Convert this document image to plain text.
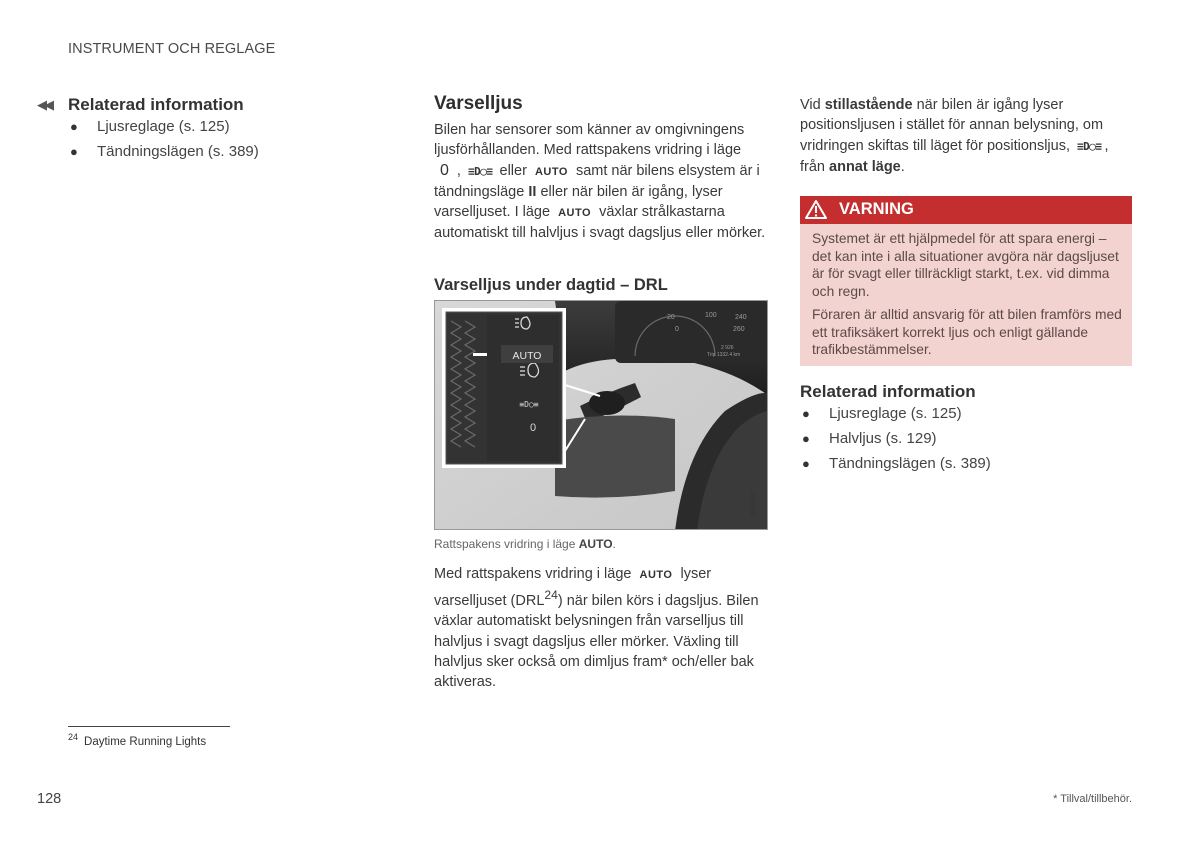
INSTRUMENT OCH REGLAGE
◀◀ Relaterad information
● Ljusreglage (s. 125)
● Tändningslägen (s. 389)
Varselljus

Bilen har sensorer som känner av omgivningens ljusförhållanden. Med rattspakens vridring i läge
0 , ≡D◯≡ eller AUTO samt när bilens elsystem är i tändningsläge II eller när bilen är igång, lyser varselljuset. I läge AUTO växlar strålkastarna automatiskt till halvljus i svagt dagsljus eller mörker.

Varselljus under dagtid – DRL
20	100	240
0	260
2 926
Trip 1332.4 km
AUTO
≡D◯≡
0
G000567
Rattspakens vridring i läge AUTO.

Med rattspakens vridring i läge AUTO lyser varselljuset (DRL$^{24}$) när bilen körs i dagsljus. Bilen växlar automatiskt belysningen från varselljus till halvljus i svagt dagsljus eller mörker. Växling till halvljus sker också om dimljus fram* och/eller bak aktiveras.

Vid stillastående när bilen är igång lyser positionsljusen i stället för annan belysning, om vridringen skiftas till läget för positionsljus, ≡D◯≡ , från annat läge.

VARNING

Systemet är ett hjälpmedel för att spara energi – det kan inte i alla situationer avgöra när dagsljuset är för svagt eller tillräckligt starkt, t.ex. vid dimma och regn.

Föraren är alltid ansvarig för att bilen framförs med ett trafiksäkert korrekt ljus och enligt gällande trafikbestämmelser.

Relaterad information
● Ljusreglage (s. 125)
● Halvljus (s. 129)
● Tändningslägen (s. 389)
$^{24}$ Daytime Running Lights
128	* Tillval/tillbehör.
